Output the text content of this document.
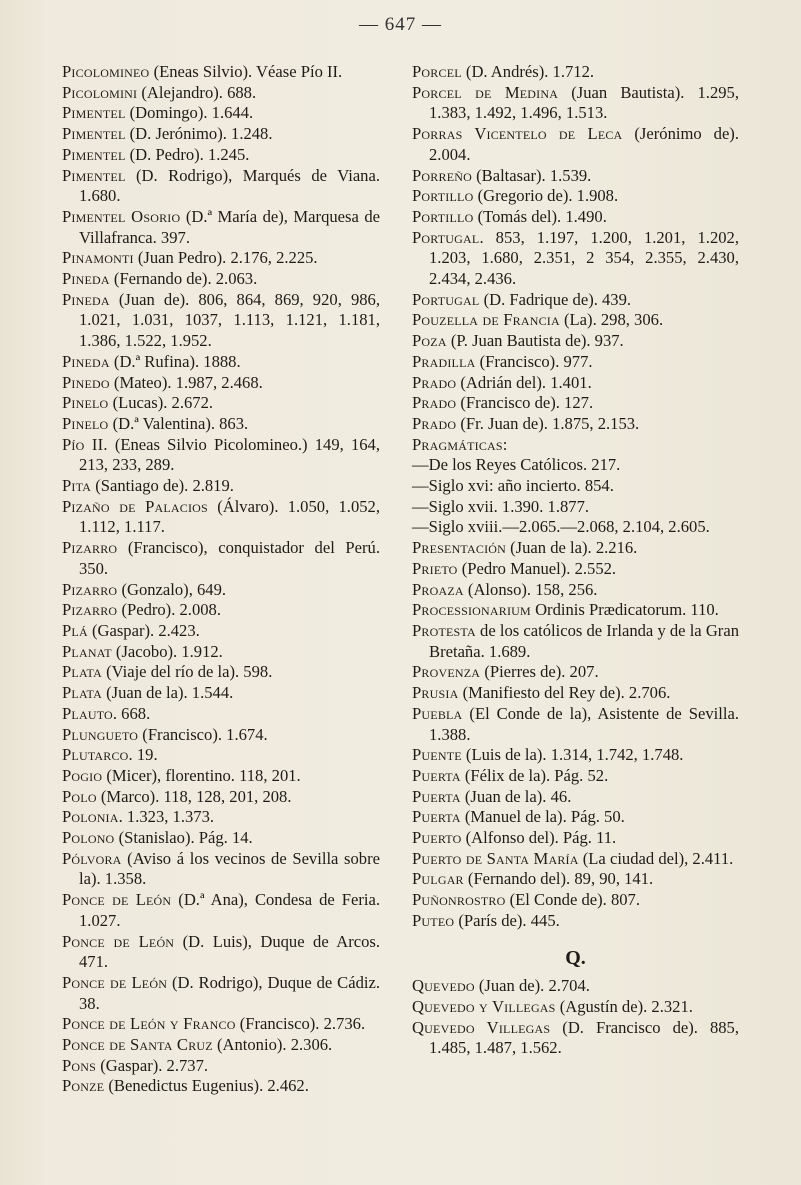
— 647 —

Picolomineo (Eneas Silvio). Véase Pío II.

Picolomini (Alejandro). 688.

Pimentel (Domingo). 1.644.

Pimentel (D. Jerónimo). 1.248.

Pimentel (D. Pedro). 1.245.

Pimentel (D. Rodrigo), Marqués de Viana. 1.680.

Pimentel Osorio (D.ª María de), Marquesa de Villafranca. 397.

Pinamonti (Juan Pedro). 2.176, 2.225.

Pineda (Fernando de). 2.063.

Pineda (Juan de). 806, 864, 869, 920, 986, 1.021, 1.031, 1037, 1.113, 1.121, 1.181, 1.386, 1.522, 1.952.

Pineda (D.ª Rufina). 1888.

Pinedo (Mateo). 1.987, 2.468.

Pinelo (Lucas). 2.672.

Pinelo (D.ª Valentina). 863.

Pío II. (Eneas Silvio Picolomineo.) 149, 164, 213, 233, 289.

Pita (Santiago de). 2.819.

Pizaño de Palacios (Álvaro). 1.050, 1.052, 1.112, 1.117.

Pizarro (Francisco), conquistador del Perú. 350.

Pizarro (Gonzalo), 649.

Pizarro (Pedro). 2.008.

Plá (Gaspar). 2.423.

Planat (Jacobo). 1.912.

Plata (Viaje del río de la). 598.

Plata (Juan de la). 1.544.

Plauto. 668.

Plungueto (Francisco). 1.674.

Plutarco. 19.

Pogio (Micer), florentino. 118, 201.

Polo (Marco). 118, 128, 201, 208.

Polonia. 1.323, 1.373.

Polono (Stanislao). Pág. 14.

Pólvora (Aviso á los vecinos de Sevilla sobre la). 1.358.

Ponce de León (D.ª Ana), Condesa de Feria. 1.027.

Ponce de León (D. Luis), Duque de Arcos. 471.

Ponce de León (D. Rodrigo), Duque de Cádiz. 38.

Ponce de León y Franco (Francisco). 2.736.

Ponce de Santa Cruz (Antonio). 2.306.

Pons (Gaspar). 2.737.

Ponze (Benedictus Eugenius). 2.462.

Porcel (D. Andrés). 1.712.

Porcel de Medina (Juan Bautista). 1.295, 1.383, 1.492, 1.496, 1.513.

Porras Vicentelo de Leca (Jerónimo de). 2.004.

Porreño (Baltasar). 1.539.

Portillo (Gregorio de). 1.908.

Portillo (Tomás del). 1.490.

Portugal. 853, 1.197, 1.200, 1.201, 1.202, 1.203, 1.680, 2.351, 2 354, 2.355, 2.430, 2.434, 2.436.

Portugal (D. Fadrique de). 439.

Pouzella de Francia (La). 298, 306.

Poza (P. Juan Bautista de). 937.

Pradilla (Francisco). 977.

Prado (Adrián del). 1.401.

Prado (Francisco de). 127.

Prado (Fr. Juan de). 1.875, 2.153.

Pragmáticas:

—De los Reyes Católicos. 217.

—Siglo xvi: año incierto. 854.

—Siglo xvii. 1.390. 1.877.

—Siglo xviii.—2.065.—2.068, 2.104, 2.605.

Presentación (Juan de la). 2.216.

Prieto (Pedro Manuel). 2.552.

Proaza (Alonso). 158, 256.

Processionarium Ordinis Prædicatorum. 110.

Protesta de los católicos de Irlanda y de la Gran Bretaña. 1.689.

Provenza (Pierres de). 207.

Prusia (Manifiesto del Rey de). 2.706.

Puebla (El Conde de la), Asistente de Sevilla. 1.388.

Puente (Luis de la). 1.314, 1.742, 1.748.

Puerta (Félix de la). Pág. 52.

Puerta (Juan de la). 46.

Puerta (Manuel de la). Pág. 50.

Puerto (Alfonso del). Pág. 11.

Puerto de Santa María (La ciudad del), 2.411.

Pulgar (Fernando del). 89, 90, 141.

Puñonrostro (El Conde de). 807.

Puteo (París de). 445.

Q.

Quevedo (Juan de). 2.704.

Quevedo y Villegas (Agustín de). 2.321.

Quevedo Villegas (D. Francisco de). 885, 1.485, 1.487, 1.562.
